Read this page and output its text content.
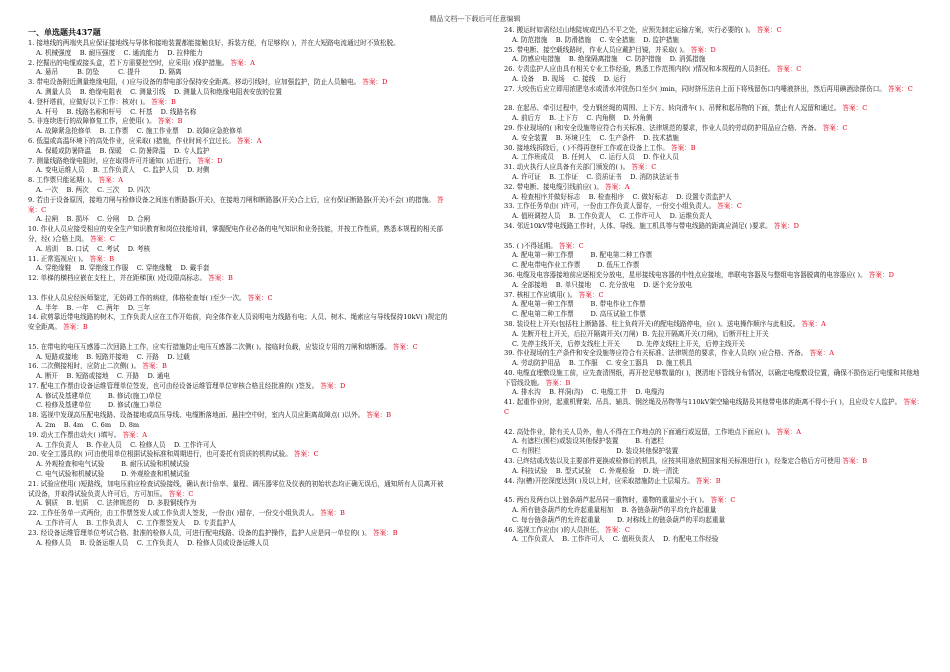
精品文档---下载后可任意编辑
一、单选题共437题
1. 接地线的两端夹具应保证接地线与导体和接地装置都能接触良好、拆装方便，有足够的( )，并在大短路电流通过时不致松脱。
A. 机械强度    B. 耐压强度    C. 通流能力    D. 拉伸能力
2. 挖掘出的电缆或接头盒，若下方需要挖空时，应采用( )保护措施。 答案：A
A. 悬吊         B. 防坠         C. 提升         D. 隔离
3. 带电设备附近测量绝缘电阻，( )应与设备的带电部分保持安全距离。移动引线时，应加强监护，防止人员触电。 答案：D
A. 测量人员    B. 绝缘电阻表    C. 测量引线    D. 测量人员和绝缘电阻表安放的位置
4. 登杆塔前，应做好以下工作：核对( )。 答案：B
A. 杆号    B. 线路名称和杆号    C. 杆基    D. 线路名称
5. 非连续进行的故障修复工作，应使用( )。 答案：B
A. 故障紧急抢修单    B. 工作票    C. 施工作业票    D. 故障应急抢修单
6. 低温或高温环境下的高处作业，应采取( )措施，作业时间不宜过长。 答案：A
A. 保暖或防暑降温    B. 保暖    C. 防暑降温    D. 专人监护
7. 测量线路绝缘电阻时，应在取得许可并通知( )后进行。 答案：D
A. 变电运维人员    B. 工作负责人    C. 监护人员    D. 对侧
8. 工作票只能延期( )。 答案：A
A. 一次    B. 两次    C. 三次    D. 四次
9. 若由于设备原因，接地刀闸与检修设备之间连有断路器(开关)，在接地刀闸和断路器(开关)合上后，应有保证断路器(开关)不会( )的措施。 答案：C
A. 拉闸    B. 损坏    C. 分闸    D. 合闸
10. 作业人员应接受相应的安全生产知识教育和岗位技能培训，掌握配电作业必备的电气知识和业务技能，并按工作性质，熟悉本规程的相关部分，经( )合格上岗。 答案：C
A. 培训    B. 口试    C. 考试    D. 考核
11. 正常巡视应( )。 答案：B
A. 穿绝缘鞋    B. 穿绝缘工作服    C. 穿绝缘靴    D. 戴手套
12. 单梯的横档应嵌在支柱上，并在距梯顶( )处设限高标志。 答案：B
13. 作业人员应经医师鉴定，无妨碍工作的病症，体格检查每( )至少一次。 答案：C
A. 半年    B. 一年    C. 两年    D. 三年
14. 砍剪靠近带电线路的树木，工作负责人应在工作开始前，向全体作业人员说明电力线路有电；人员、树木、绳索应与导线保持10kV( )规定的安全距离。 答案：B
15. 在带电的电压互感器二次回路上工作，应实行措施防止电压互感器二次侧( )。接临时负载，应装设专用的刀闸和熔断器。 答案：C
A. 短路或接地    B. 短路并接地    C. 开路    D. 过载
16. 二次侧接相时，应防止二次侧( )。 答案：B
A. 断开    B. 短路或接地    C. 开路    D. 通电
17. 配电工作票由设备运维管理单位签发，也可由经设备运维管理单位审核合格且经批准的( )签发。 答案：D
A. 修试及基建单位        B. 修试(施工)单位
C. 检修及基建单位        D. 修试(施工)单位
18. 巡视中发现高压配电线路、设备接地或高压导线、电缆断落地面、悬挂空中时，室内人员应距离故障点( )以外。 答案：B
A. 2m    B. 4m    C. 6m    D. 8m
19. 动火工作票由动火( )填写。 答案：A
A. 工作负责人    B. 作业人员    C. 检修人员    D. 工作许可人
20. 安全工器具的( )可由使用单位根据试验标准和周期进行，也可委托有资质的机构试验。 答案：C
A. 外观检查和电气试验        B. 耐压试验和机械试验
C. 电气试验和机械试验        D. 外观检查和机械试验
21. 试验应使用( )短路线，加电压前应检查试验接线，确认表计倍率、量程、调压器零位及仪表的初始状态均正确无误后，通知所有人员离开被试设备，并取得试验负责人许可后，方可加压。 答案：C
A. 铜质    B. 铝质    C. 法律规范的    D. 多股铜线作为
22. 工作任务单一式两份，由工作票签发人或工作负责人签发，一份由( )留存，一份交小组负责人。 答案：B
A. 工作许可人    B. 工作负责人    C. 工作票签发人    D. 专责监护人
23. 经设备运维管理单位考试合格、批准的检修人员，可进行配电线路、设备的监护操作，监护人应是同一单位的( )。 答案：B
A. 检修人员    B. 设备运维人员    C. 工作负责人    D. 检修人员或设备运维人员
24. 搬运时如需经过山地陡坡或凹凸不平之处，应预先制定运输方案，实行必要的( )。 答案：C
A. 防范措施    B. 防滑措施    C. 安全措施    D. 监护措施
25. 带电断、接空载线路时，作业人员应戴护目镜，并采取( )。 答案：D
A. 防感应电措施    B. 绝缘隔离措施    C. 防护措施    D. 消弧措施
26. 专责监护人应由具有相关专业工作经验，熟悉工作范围内的( )情况和本规程的人员担任。 答案：C
A. 设备    B. 现场    C. 接线    D. 运行
27. 大咬伤后应立即用浓肥皂水或清水冲洗伤口至少( )min，同时挤压法自上而下将残留伤口内唾液挤出，然后再用碘酒涂搽伤口。 答案：C
28. 在起吊、牵引过程中，受力钢丝绳的周围、上下方、转向滑车( )、吊臂和起吊物的下面，禁止有人逗留和通过。 答案：C
A. 前后方    B. 上下方    C. 内角侧    D. 外角侧
29. 作业现场的( )和安全设施等应符合有关标准、法律规范的要求，作业人员的劳动防护用品应合格、齐备。 答案：C
A. 安全装置    B. 环境卫生    C. 生产条件    D. 技术措施
30. 接地线拆除后，( )不得再登杆工作或在设备上工作。 答案：B
A. 工作班成员    B. 任何人    C. 运行人员    D. 作业人员
31. 动火执行人应具备有关部门颁发的( )。 答案：C
A. 许可证    B. 工作证    C. 资质证书    D. 消防执法证书
32. 带电断、接电缆引线前应( )。 答案：A
A. 检查相序并做好标志    B. 检查相序    C. 做好标志    D. 设置专责监护人
33. 工作任务单由( )许可，一份由工作负责人留存，一份交小组负责人。 答案：C
A. 值班调控人员    B. 工作负责人    C. 工作许可人    D. 运维负责人
34. 邻近10kV带电线路工作时，人体、导线、施工机具等与带电线路的距离应满足( )要求。 答案：D
35. ( )不得延期。 答案：C
A. 配电第一种工作票        B. 配电第二种工作票
C. 配电带电作业工作票        D. 低压工作票
36. 电缆及电容器接地前应逐相充分放电，星形接线电容器的中性点应接地，串联电容器及与整组电容器脱离的电容器应( )。 答案：D
A. 全部接地    B. 单只接地    C. 充分放电    D. 逐个充分放电
37. 核相工作应填用( )。 答案：C
A. 配电第一种工作票        B. 带电作业工作票
C. 配电第二种工作票        D. 高压试验工作票
38. 装设柱上开关(包括柱上断路器、柱上负荷开关)的配电线路停电，应( )。送电操作顺序与此相反。 答案：A
A. 先断开柱上开关，后拉开隔离开关(刀闸)  B. 先拉开隔离开关(刀闸)，后断开柱上开关
C. 先停主线开关，后停支线柱上开关        D. 先停支线柱上开关，后停主线开关
39. 作业现场的生产条件和安全设施等应符合有关标准、法律规范的要求，作业人员的( )应合格、齐备。 答案：A
A. 劳动防护用品    B. 工作服    C. 安全工器具    D. 施工机具
40. 电缆直埋敷设施工前，应先查清图纸，再开挖足够数量的( )，摸清地下管线分布情况，以确定电缆敷设位置，确保不损伤运行电缆和其他地下管线设施。 答案：B
A. 排水沟    B. 样洞(沟)    C. 电缆工井    D. 电缆沟
41. 起重作业时，起重机臂架、吊具、辅具、钢丝绳及吊物等与110kV架空输电线路及其他带电体的距离不得小于( )，且应设专人监护。 答案：C
42. 高处作业，除有关人员外，他人不得在工作地点的下面通行或逗留，工作地点下面应( )。 答案：A
A. 有遮栏(围栏)或装设其他保护装置        B. 有遮栏
C. 有围栏                                    D. 装设其他保护装置
43. 已终结或改装以及主要部件更换或检修后的机具，应按其用途依照国家相关标准进行( )，经鉴定合格后方可使用 答案：B
A. 科技试验    B. 型式试验    C. 外观检验    D. 统一清洗
44. 沟(槽)开挖深度达到( )及以上时，应采取措施防止土层塌方。 答案：B
45. 两台及两台以上链条葫芦起吊同一重物时，重物的重量应小于( )。 答案：C
A. 所有链条葫芦的允许起重量相加    B. 各链条葫芦的平均允许起重量
C. 每台链条葫芦的允许起重量        D. 对称线上的链条葫芦的平均起重量
46. 巡视工作应由( )的人员担任。 答案：C
A. 工作负责人    B. 工作许可人    C. 值班负责人    D. 有配电工作经验
